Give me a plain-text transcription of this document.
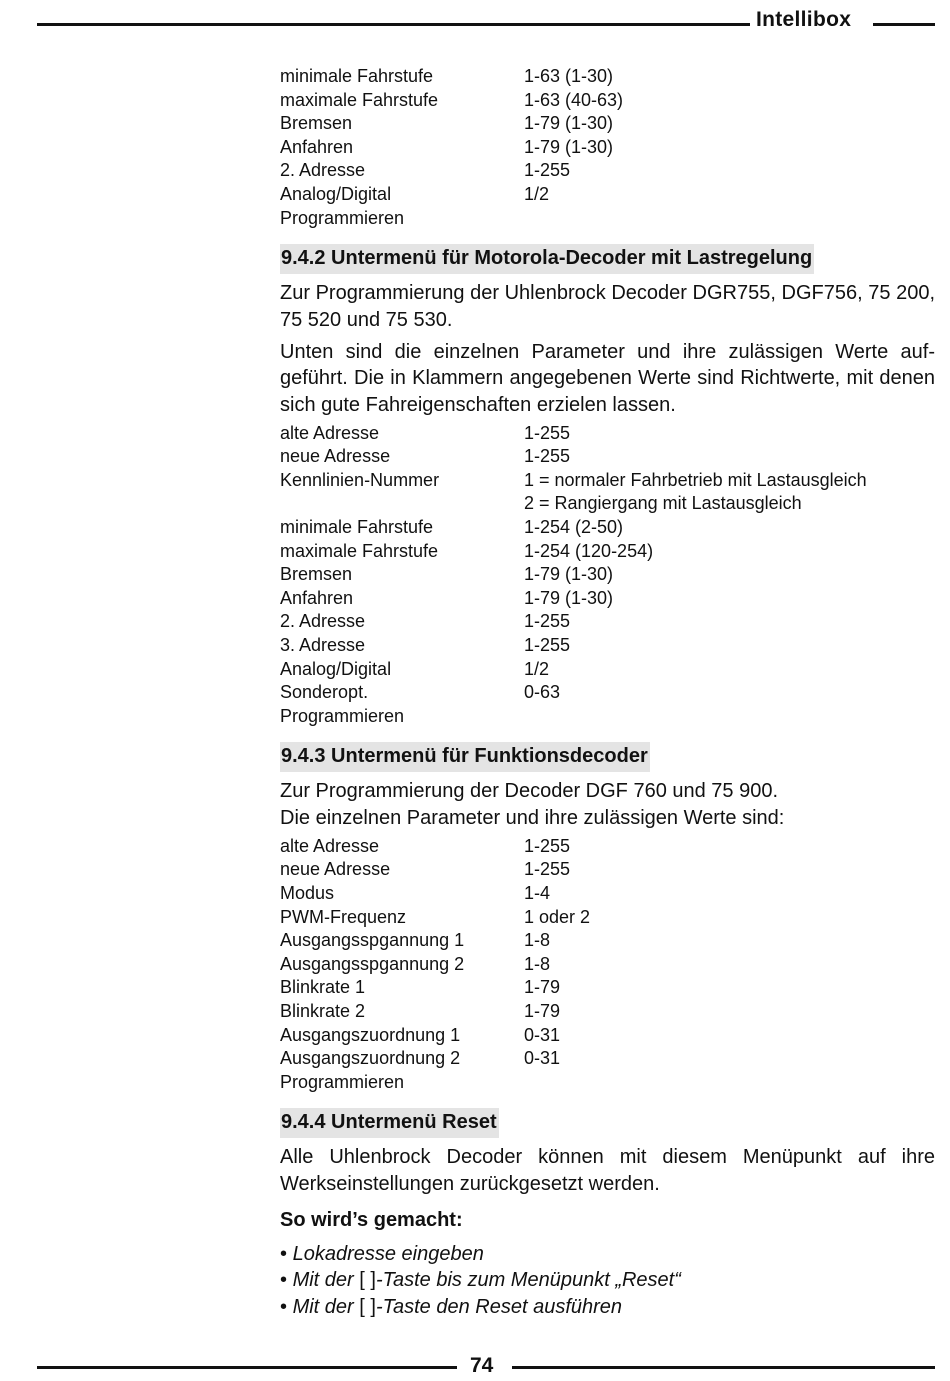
Intellibox
minimale Fahrstufe	1-63 (1-30)
maximale Fahrstufe	1-63 (40-63)
Bremsen	1-79 (1-30)
Anfahren	1-79 (1-30)
2. Adresse	1-255
Analog/Digital	1/2
Programmieren	
9.4.2 Untermenü für Motorola-Decoder mit Lastregelung

Zur Programmierung der Uhlenbrock Decoder DGR755, DGF756, 75 200, 75 520 und 75 530.

Unten sind die einzelnen Parameter und ihre zulässigen Werte auf-geführt. Die in Klammern angegebenen Werte sind Richtwerte, mit denen sich gute Fahreigenschaften erzielen lassen.

alte Adresse	1-255
neue Adresse	1-255
Kennlinien-Nummer	1 = normaler Fahrbetrieb mit Lastausgleich
	2 = Rangiergang mit Lastausgleich
minimale Fahrstufe	1-254 (2-50)
maximale Fahrstufe	1-254 (120-254)
Bremsen	1-79 (1-30)
Anfahren	1-79 (1-30)
2. Adresse	1-255
3. Adresse	1-255
Analog/Digital	1/2
Sonderopt.	0-63
Programmieren	
9.4.3 Untermenü für Funktionsdecoder

Zur Programmierung der Decoder DGF 760 und 75 900.

Die einzelnen Parameter und ihre zulässigen Werte sind:

alte Adresse	1-255
neue Adresse	1-255
Modus	1-4
PWM-Frequenz	1 oder 2
Ausgangsspgannung 1	1-8
Ausgangsspgannung 2	1-8
Blinkrate 1	1-79
Blinkrate 2	1-79
Ausgangszuordnung 1	0-31
Ausgangszuordnung 2	0-31
Programmieren	
9.4.4 Untermenü Reset

Alle Uhlenbrock Decoder können mit diesem Menüpunkt auf ihre Werkseinstellungen zurückgesetzt werden.

So wird’s gemacht:

• Lokadresse eingeben
• Mit der [ ]-Taste bis zum Menüpunkt „Reset“
• Mit der [ ]-Taste den Reset ausführen
74
